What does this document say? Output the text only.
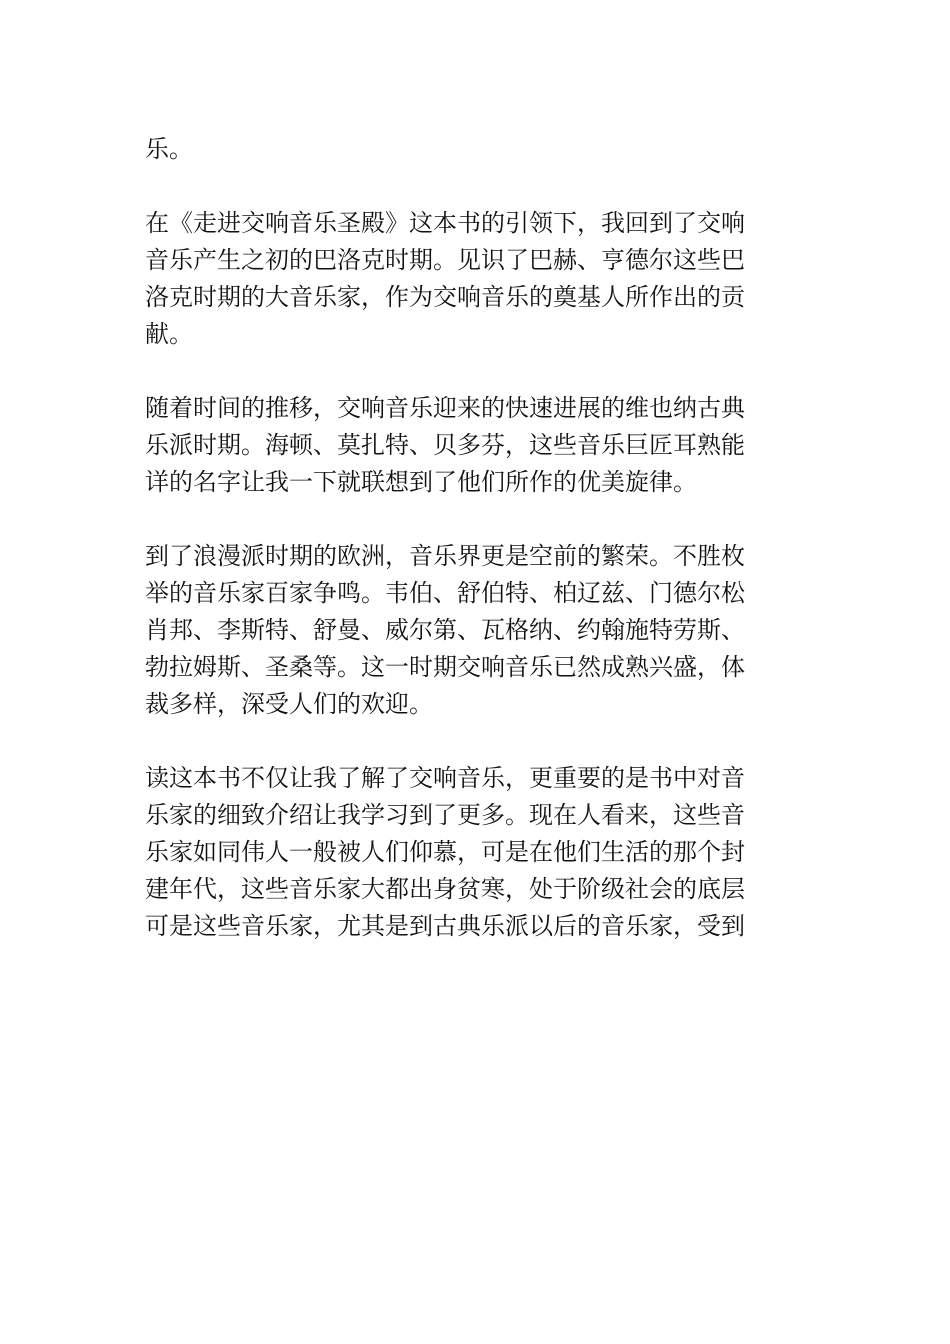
乐。
在《走进交响音乐圣殿》这本书的引领下，我回到了交响
音乐产生之初的巴洛克时期。见识了巴赫、亨德尔这些巴
洛克时期的大音乐家，作为交响音乐的奠基人所作出的贡
献。
随着时间的推移，交响音乐迎来的快速进展的维也纳古典
乐派时期。海顿、莫扎特、贝多芬，这些音乐巨匠耳熟能
详的名字让我一下就联想到了他们所作的优美旋律。
到了浪漫派时期的欧洲，音乐界更是空前的繁荣。不胜枚
举的音乐家百家争鸣。韦伯、舒伯特、柏辽兹、门德尔松
肖邦、李斯特、舒曼、威尔第、瓦格纳、约翰施特劳斯、
勃拉姆斯、圣桑等。这一时期交响音乐已然成熟兴盛，体
裁多样，深受人们的欢迎。
读这本书不仅让我了解了交响音乐，更重要的是书中对音
乐家的细致介绍让我学习到了更多。现在人看来，这些音
乐家如同伟人一般被人们仰慕，可是在他们生活的那个封
建年代，这些音乐家大都出身贫寒，处于阶级社会的底层
可是这些音乐家，尤其是到古典乐派以后的音乐家，受到
